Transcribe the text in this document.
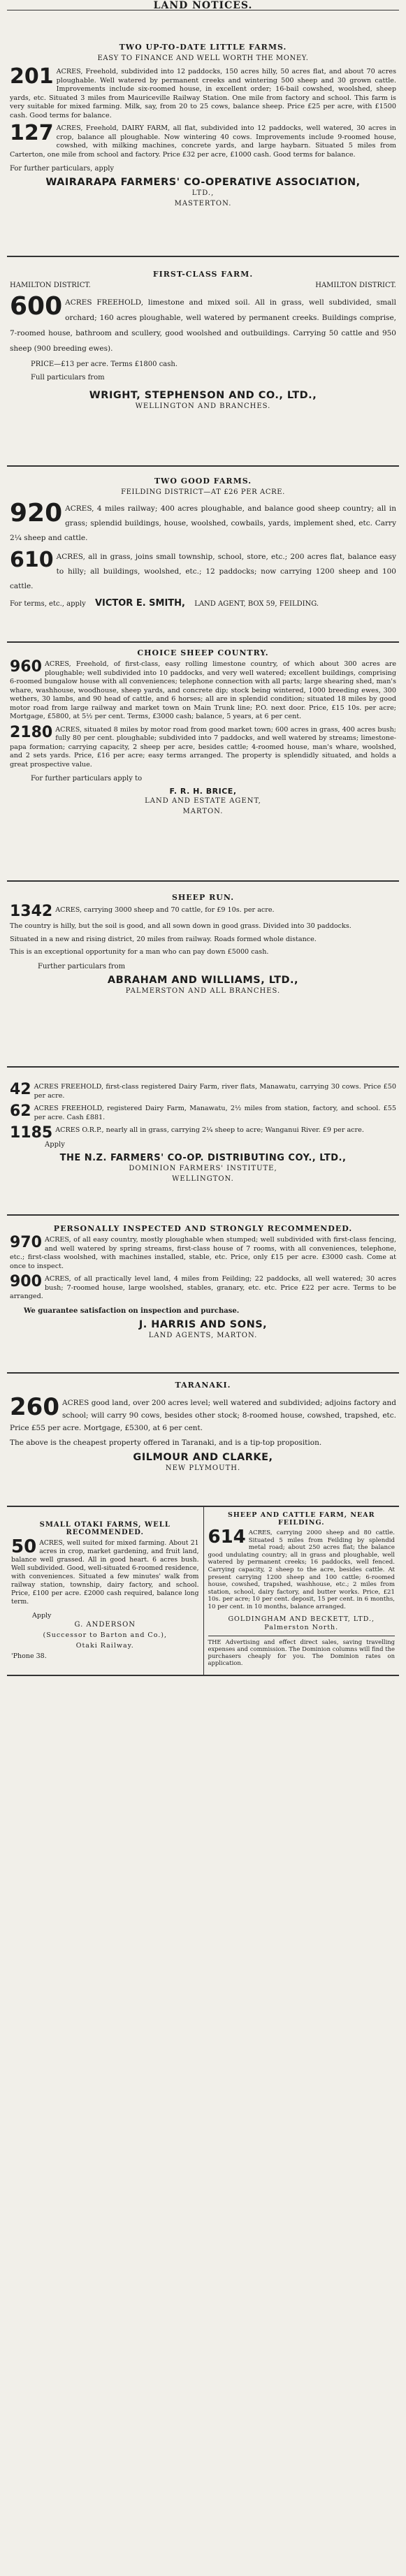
LAND NOTICES.
TWO UP-TO-DATE LITTLE FARMS.
EASY TO FINANCE AND WELL WORTH THE MONEY.
201 ACRES, Freehold, subdivided into 12 paddocks, 150 acres hilly, 50 acres flat, and about 70 acres ploughable. Well watered by permanent creeks and wintering 500 sheep and 30 grown cattle. Improvements include six-roomed house, in excellent order; 16-bail cowshed, woolshed, sheep yards, etc. Situated 3 miles from Mauriceville Railway Station. One mile from factory and school. This farm is very suitable for mixed farming. Milk, say, from 20 to 25 cows, balance sheep. Price £25 per acre, with £1500 cash. Good terms for balance.
127 ACRES, Freehold, DAIRY FARM, all flat, subdivided into 12 paddocks, well watered, 30 acres in crop, balance all ploughable. Now wintering 40 cows. Improvements include 9-roomed house, cowshed, with milking machines, concrete yards, and large haybarn. Situated 5 miles from Carterton, one mile from school and factory. Price £32 per acre, £1000 cash. Good terms for balance.
For further particulars, apply
WAIRARAPA FARMERS' CO-OPERATIVE ASSOCIATION,
LTD.,
MASTERTON.
FIRST-CLASS FARM.
HAMILTON DISTRICT.	HAMILTON DISTRICT.
600 ACRES FREEHOLD, limestone and mixed soil. All in grass, well subdivided, small orchard; 160 acres ploughable, well watered by permanent creeks. Buildings comprise, 7-roomed house, bathroom and scullery, good woolshed and outbuildings. Carrying 50 cattle and 950 sheep (900 breeding ewes).
PRICE—£13 per acre. Terms £1800 cash.
Full particulars from
WRIGHT, STEPHENSON AND CO., LTD.,
WELLINGTON AND BRANCHES.
TWO GOOD FARMS.
FEILDING DISTRICT—AT £26 PER ACRE.
920 ACRES, 4 miles railway; 400 acres ploughable, and balance good sheep country; all in grass; splendid buildings, house, woolshed, cowbails, yards, implement shed, etc. Carry 2¼ sheep and cattle.
610 ACRES, all in grass, joins small township, school, store, etc.; 200 acres flat, balance easy to hilly; all buildings, woolshed, etc.; 12 paddocks; now carrying 1200 sheep and 100 cattle.
For terms, etc., apply VICTOR E. SMITH, LAND AGENT, BOX 59, FEILDING.
CHOICE SHEEP COUNTRY.
960 ACRES, Freehold, of first-class, easy rolling limestone country, of which about 300 acres are ploughable; well subdivided into 10 paddocks, and very well watered; excellent buildings, comprising 6-roomed bungalow house with all conveniences; telephone connection with all parts; large shearing shed, man's whare, washhouse, woodhouse, sheep yards, and concrete dip; stock being wintered, 1000 breeding ewes, 300 wethers, 30 lambs, and 90 head of cattle, and 6 horses; all are in splendid condition; situated 18 miles by good motor road from large railway and market town on Main Trunk line; P.O. next door. Price, £15 10s. per acre; Mortgage, £5800, at 5½ per cent. Terms, £3000 cash; balance, 5 years, at 6 per cent.
2180 ACRES, situated 8 miles by motor road from good market town; 600 acres in grass, 400 acres bush; fully 80 per cent. ploughable; subdivided into 7 paddocks, and well watered by streams; limestone-papa formation; carrying capacity, 2 sheep per acre, besides cattle; 4-roomed house, man's whare, woolshed, and 2 sets yards. Price, £16 per acre; easy terms arranged. The property is splendidly situated, and holds a great prospective value.
For further particulars apply to
F. R. H. BRICE,
LAND AND ESTATE AGENT,
MARTON.
SHEEP RUN.
1342 ACRES, carrying 3000 sheep and 70 cattle, for £9 10s. per acre.
The country is hilly, but the soil is good, and all sown down in good grass. Divided into 30 paddocks.
Situated in a new and rising district, 20 miles from railway. Roads formed whole distance.
This is an exceptional opportunity for a man who can pay down £5000 cash.
Further particulars from
ABRAHAM AND WILLIAMS, LTD.,
PALMERSTON AND ALL BRANCHES.
42 ACRES FREEHOLD, first-class registered Dairy Farm, river flats, Manawatu, carrying 30 cows. Price £50 per acre.
62 ACRES FREEHOLD, registered Dairy Farm, Manawatu, 2½ miles from station, factory, and school. £55 per acre. Cash £881.
1185 ACRES O.R.P., nearly all in grass, carrying 2¼ sheep to acre; Wanganui River. £9 per acre.
Apply
THE N.Z. FARMERS' CO-OP. DISTRIBUTING COY., LTD.,
DOMINION FARMERS' INSTITUTE,
WELLINGTON.
PERSONALLY INSPECTED AND STRONGLY RECOMMENDED.
970 ACRES, of all easy country, mostly ploughable when stumped; well subdivided with first-class fencing, and well watered by spring streams, first-class house of 7 rooms, with all conveniences, telephone, etc.; first-class woolshed, with machines installed, stable, etc. Price, only £15 per acre. £3000 cash. Come at once to inspect.
900 ACRES, of all practically level land, 4 miles from Feilding; 22 paddocks, all well watered; 30 acres bush; 7-roomed house, large woolshed, stables, granary, etc. etc. Price £22 per acre. Terms to be arranged.
We guarantee satisfaction on inspection and purchase.
J. HARRIS AND SONS,
LAND AGENTS, MARTON.
TARANAKI.
260 ACRES good land, over 200 acres level; well watered and subdivided; adjoins factory and school; will carry 90 cows, besides other stock; 8-roomed house, cowshed, trapshed, etc. Price £55 per acre. Mortgage, £5300, at 6 per cent.
The above is the cheapest property offered in Taranaki, and is a tip-top proposition.
GILMOUR AND CLARKE,
NEW PLYMOUTH.
SMALL OTAKI FARMS, WELL RECOMMENDED.
50 ACRES, well suited for mixed farming. About 21 acres in crop, market gardening, and fruit land, balance well grassed. All in good heart. 6 acres bush. Well subdivided. Good, well-situated 6-roomed residence, with conveniences. Situated a few minutes' walk from railway station, township, dairy factory, and school. Price, £100 per acre. £2000 cash required, balance long term.
Apply
G. ANDERSON
(Successor to Barton and Co.),
Otaki Railway.
'Phone 38.
SHEEP AND CATTLE FARM, NEAR FEILDING.
614 ACRES, carrying 2000 sheep and 80 cattle. Situated 5 miles from Feilding by splendid metal road; about 250 acres flat; the balance good undulating country; all in grass and ploughable, well watered by permanent creeks; 16 paddocks, well fenced. Carrying capacity, 2 sheep to the acre, besides cattle. At present carrying 1200 sheep and 100 cattle; 6-roomed house, cowshed, trapshed, washhouse, etc.; 2 miles from station, school, dairy factory, and butter works. Price, £21 10s. per acre; 10 per cent. deposit, 15 per cent. in 6 months, 10 per cent. in 10 months, balance arranged.
GOLDINGHAM AND BECKETT, LTD.,
Palmerston North.
THE Advertising and effect direct sales, saving travelling expenses and commission. The Dominion columns will find the purchasers cheaply for you. The Dominion rates on application.
